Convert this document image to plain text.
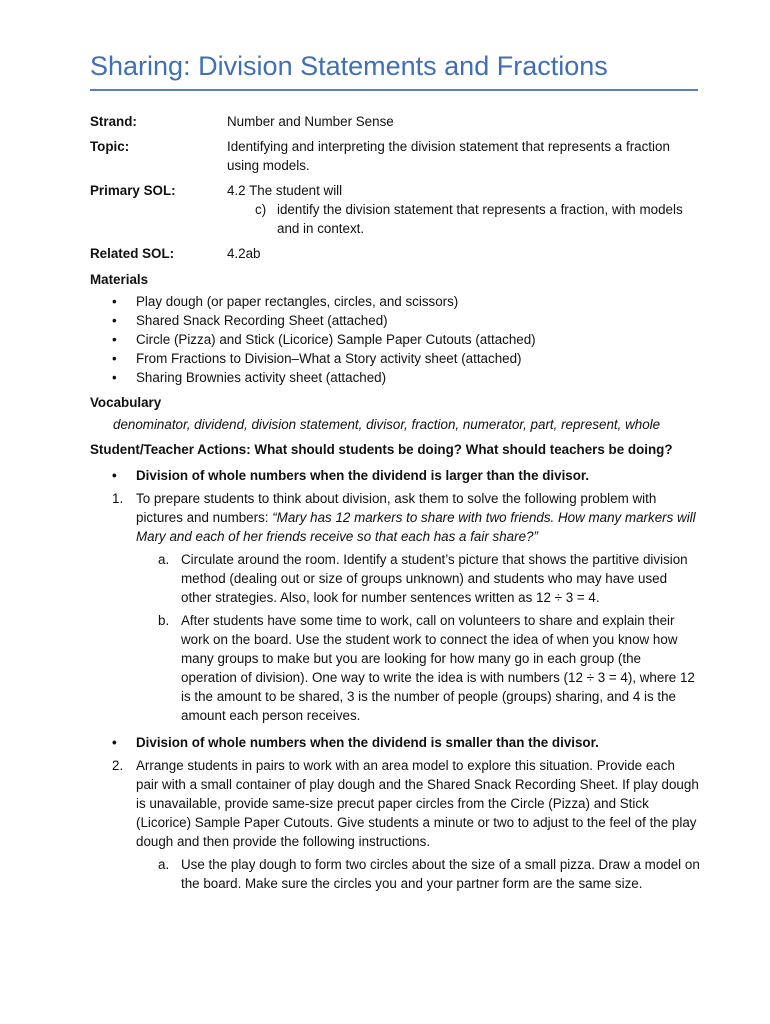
Sharing: Division Statements and Fractions
Strand:	Number and Number Sense
Topic:	Identifying and interpreting the division statement that represents a fraction using models.
Primary SOL:	4.2 The student will
c) identify the division statement that represents a fraction, with models and in context.
Related SOL:	4.2ab
Materials
• Play dough (or paper rectangles, circles, and scissors)
• Shared Snack Recording Sheet (attached)
• Circle (Pizza) and Stick (Licorice) Sample Paper Cutouts (attached)
• From Fractions to Division–What a Story activity sheet (attached)
• Sharing Brownies activity sheet (attached)
Vocabulary
denominator, dividend, division statement, divisor, fraction, numerator, part, represent, whole
Student/Teacher Actions: What should students be doing? What should teachers be doing?
• Division of whole numbers when the dividend is larger than the divisor.
1. To prepare students to think about division, ask them to solve the following problem with pictures and numbers: “Mary has 12 markers to share with two friends. How many markers will Mary and each of her friends receive so that each has a fair share?”
a. Circulate around the room. Identify a student’s picture that shows the partitive division method (dealing out or size of groups unknown) and students who may have used other strategies. Also, look for number sentences written as 12 ÷ 3 = 4.
b. After students have some time to work, call on volunteers to share and explain their work on the board. Use the student work to connect the idea of when you know how many groups to make but you are looking for how many go in each group (the operation of division). One way to write the idea is with numbers (12 ÷ 3 = 4), where 12 is the amount to be shared, 3 is the number of people (groups) sharing, and 4 is the amount each person receives.
• Division of whole numbers when the dividend is smaller than the divisor.
2. Arrange students in pairs to work with an area model to explore this situation. Provide each pair with a small container of play dough and the Shared Snack Recording Sheet. If play dough is unavailable, provide same-size precut paper circles from the Circle (Pizza) and Stick (Licorice) Sample Paper Cutouts. Give students a minute or two to adjust to the feel of the play dough and then provide the following instructions.
a. Use the play dough to form two circles about the size of a small pizza. Draw a model on the board. Make sure the circles you and your partner form are the same size.
